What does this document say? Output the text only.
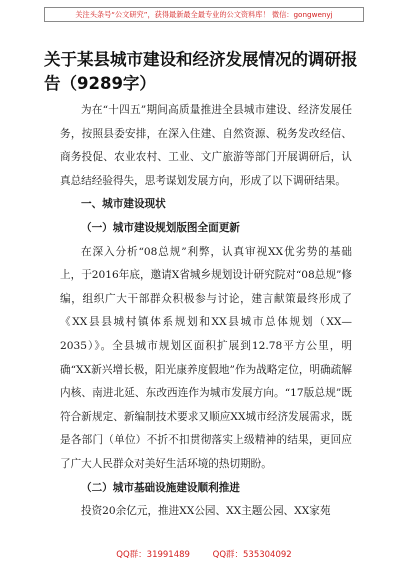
关注头条号“公文研究”，获得最新最全最专业的公文资料库！ 微信：gongwenyj
关于某县城市建设和经济发展情况的调研报告（9289字）

为在“十四五”期间高质量推进全县城市建设、经济发展任务，按照县委安排，在深入住建、自然资源、税务发改经信、商务投促、农业农村、工业、文广旅游等部门开展调研后，认真总结经验得失，思考谋划发展方向，形成了以下调研结果。

一、城市建设现状

（一）城市建设规划版图全面更新

在深入分析“08总规”利弊，认真审视XX优劣势的基础上，于2016年底，邀请X省城乡规划设计研究院对“08总规”修编，组织广大干部群众积极参与讨论，建言献策最终形成了《XX县县城村镇体系规划和XX县城市总体规划（XX—2035）》。全县城市规划区面积扩展到12.78平方公里，明确“XX新兴增长极，阳光康养度假地”作为战略定位，明确疏解内核、南进北延、东改西连作为城市发展方向。“17版总规”既符合新规定、新编制技术要求又顺应XX城市经济发展需求，既是各部门（单位）不折不扣贯彻落实上级精神的结果，更回应了广大人民群众对美好生活环境的热切期盼。

（二）城市基础设施建设顺利推进

投资20余亿元，推进XX公园、XX主题公园、XX家苑

QQ群：31991489	QQ群：535304092
